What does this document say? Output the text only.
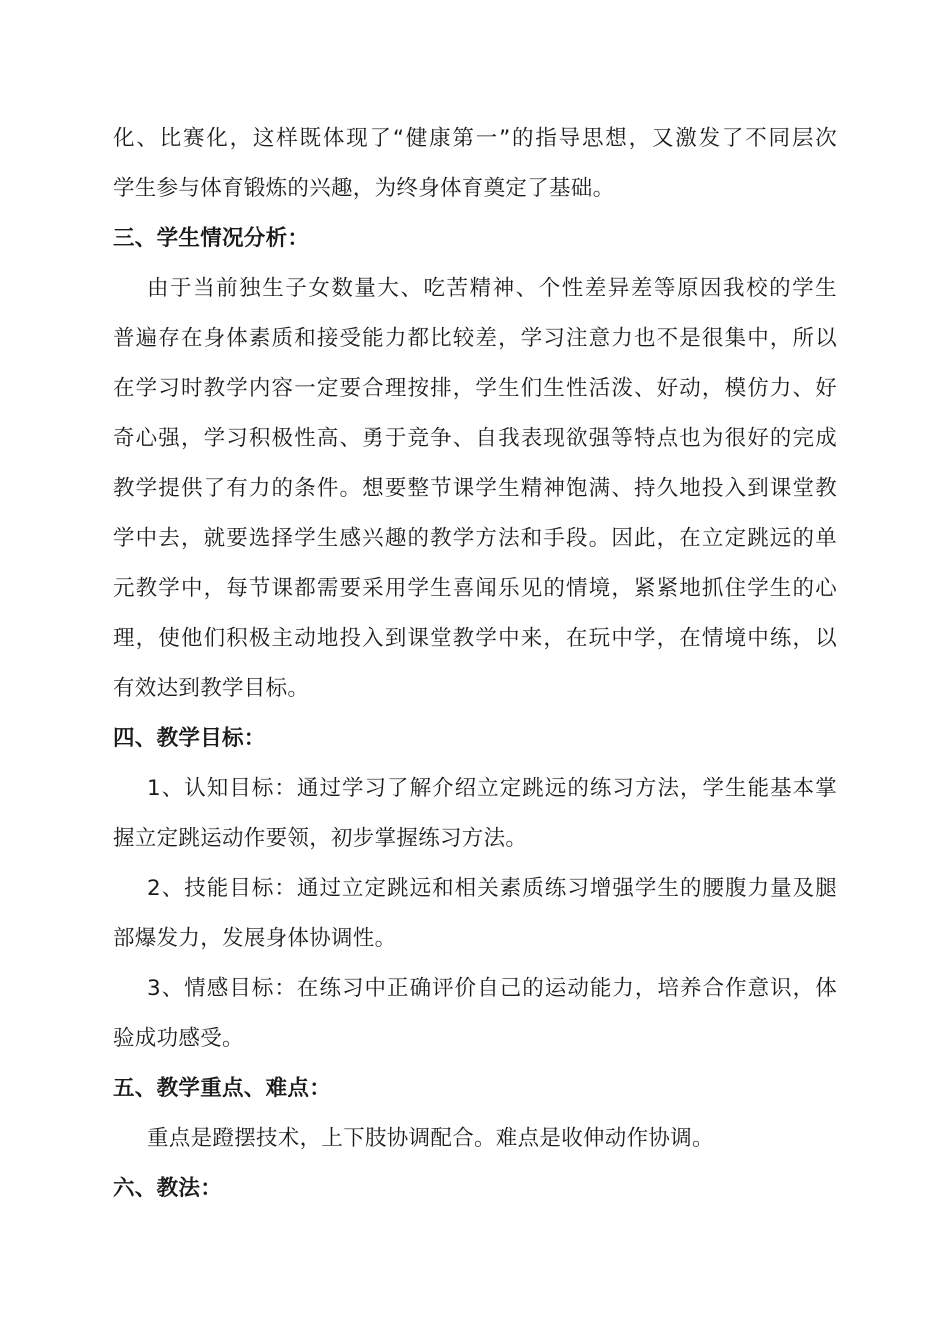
化、比赛化，这样既体现了“健康第一”的指导思想，又激发了不同层次
学生参与体育锻炼的兴趣，为终身体育奠定了基础。
三、学生情况分析：
由于当前独生子女数量大、吃苦精神、个性差异差等原因我校的学生
普遍存在身体素质和接受能力都比较差，学习注意力也不是很集中，所以
在学习时教学内容一定要合理按排，学生们生性活泼、好动，模仿力、好
奇心强，学习积极性高、勇于竞争、自我表现欲强等特点也为很好的完成
教学提供了有力的条件。想要整节课学生精神饱满、持久地投入到课堂教
学中去，就要选择学生感兴趣的教学方法和手段。因此，在立定跳远的单
元教学中，每节课都需要采用学生喜闻乐见的情境，紧紧地抓住学生的心
理，使他们积极主动地投入到课堂教学中来，在玩中学，在情境中练，以
有效达到教学目标。
四、教学目标：
1、认知目标：通过学习了解介绍立定跳远的练习方法，学生能基本掌
握立定跳运动作要领，初步掌握练习方法。
2、技能目标：通过立定跳远和相关素质练习增强学生的腰腹力量及腿
部爆发力，发展身体协调性。
3、情感目标：在练习中正确评价自己的运动能力，培养合作意识，体
验成功感受。
五、教学重点、难点：
重点是蹬摆技术，上下肢协调配合。难点是收伸动作协调。
六、教法：
